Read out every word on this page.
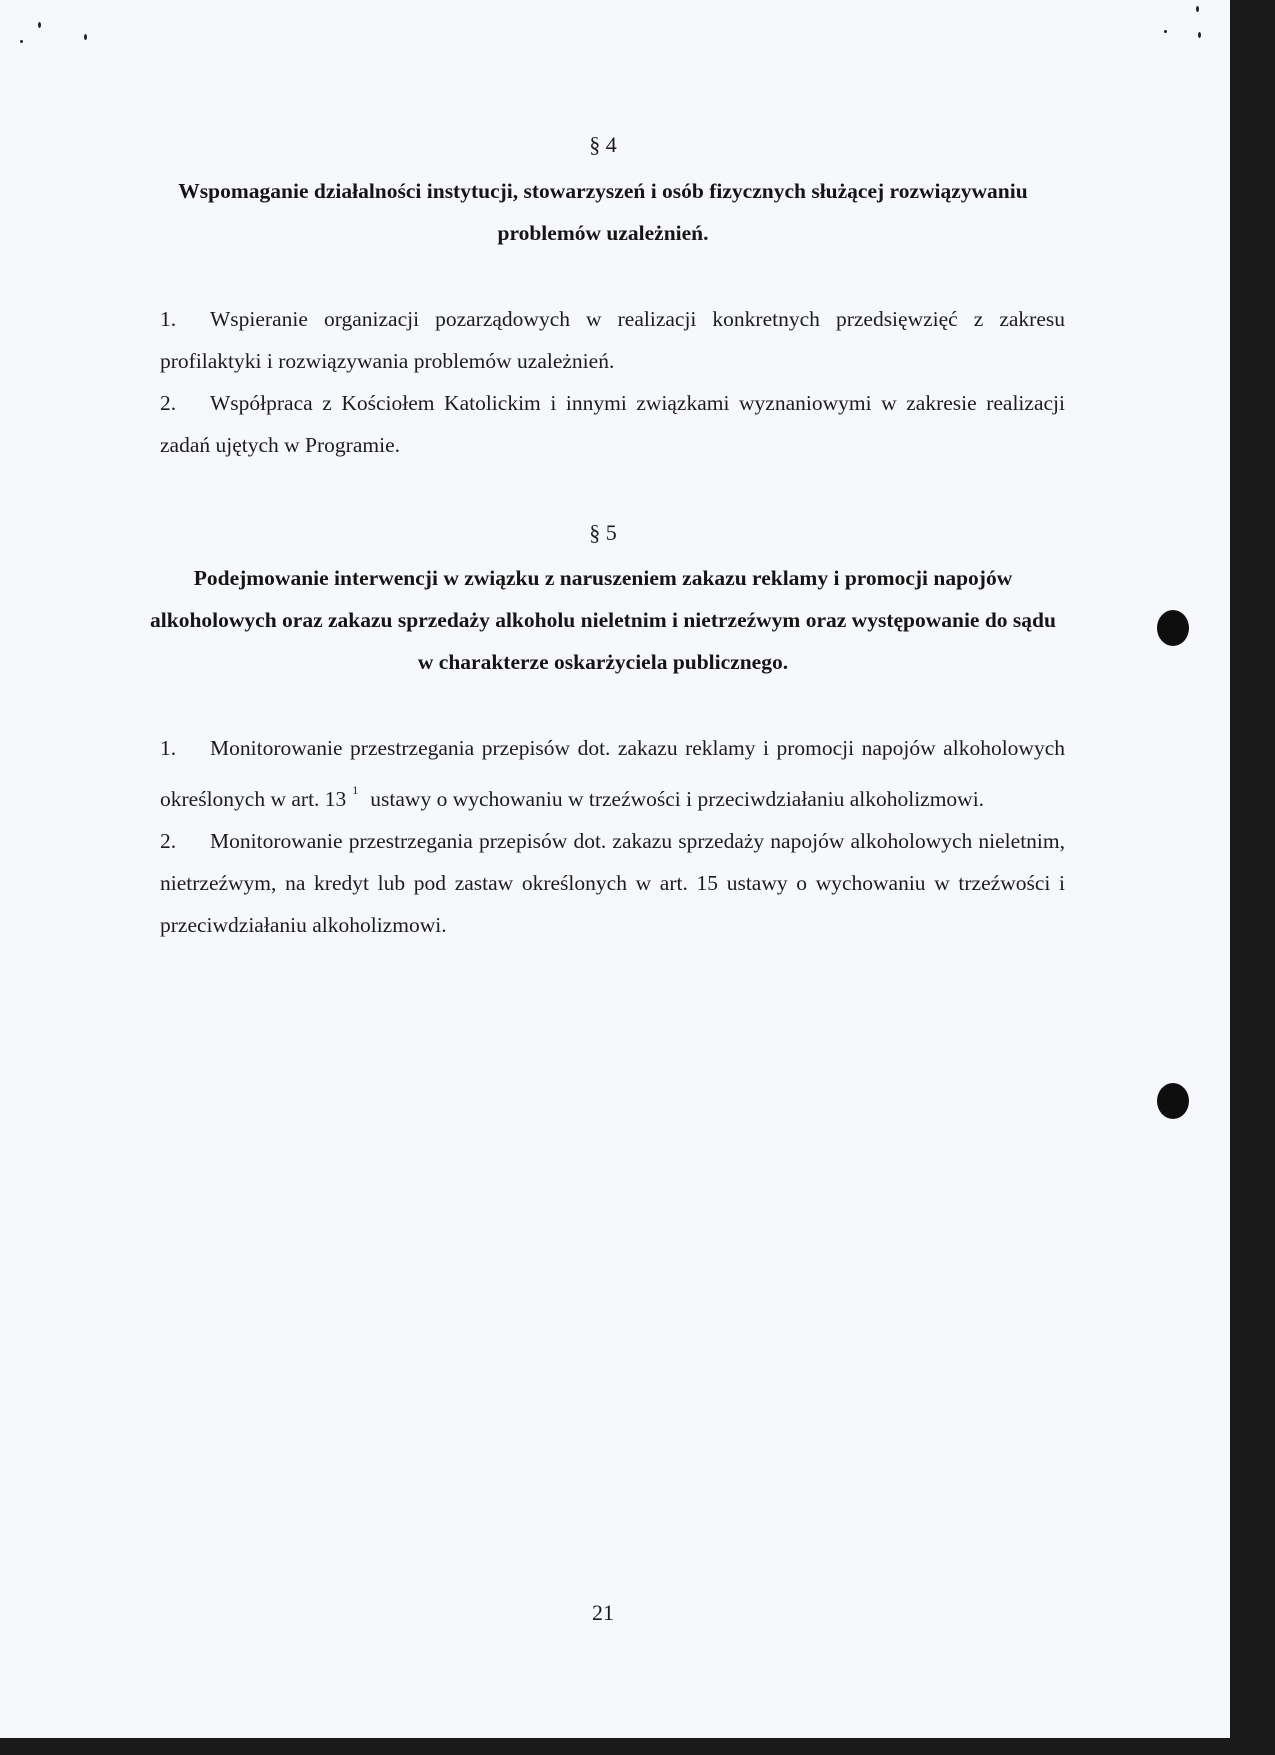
§ 4
Wspomaganie działalności instytucji, stowarzyszeń i osób fizycznych służącej rozwiązywaniu problemów uzależnień.
1. Wspieranie organizacji pozarządowych w realizacji konkretnych przedsięwzięć z zakresu profilaktyki i rozwiązywania problemów uzależnień.
2. Współpraca z Kościołem Katolickim i innymi związkami wyznaniowymi w zakresie realizacji zadań ujętych w Programie.
§ 5
Podejmowanie interwencji w związku z naruszeniem zakazu reklamy i promocji napojów alkoholowych oraz zakazu sprzedaży alkoholu nieletnim i nietrzeźwym oraz występowanie do sądu w charakterze oskarżyciela publicznego.
1. Monitorowanie przestrzegania przepisów dot. zakazu reklamy i promocji napojów alkoholowych określonych w art. 13 $^1$ ustawy o wychowaniu w trzeźwości i przeciwdziałaniu alkoholizmowi.
2. Monitorowanie przestrzegania przepisów dot. zakazu sprzedaży napojów alkoholowych nieletnim, nietrzeźwym, na kredyt lub pod zastaw określonych w art. 15 ustawy o wychowaniu w trzeźwości i przeciwdziałaniu alkoholizmowi.
21
